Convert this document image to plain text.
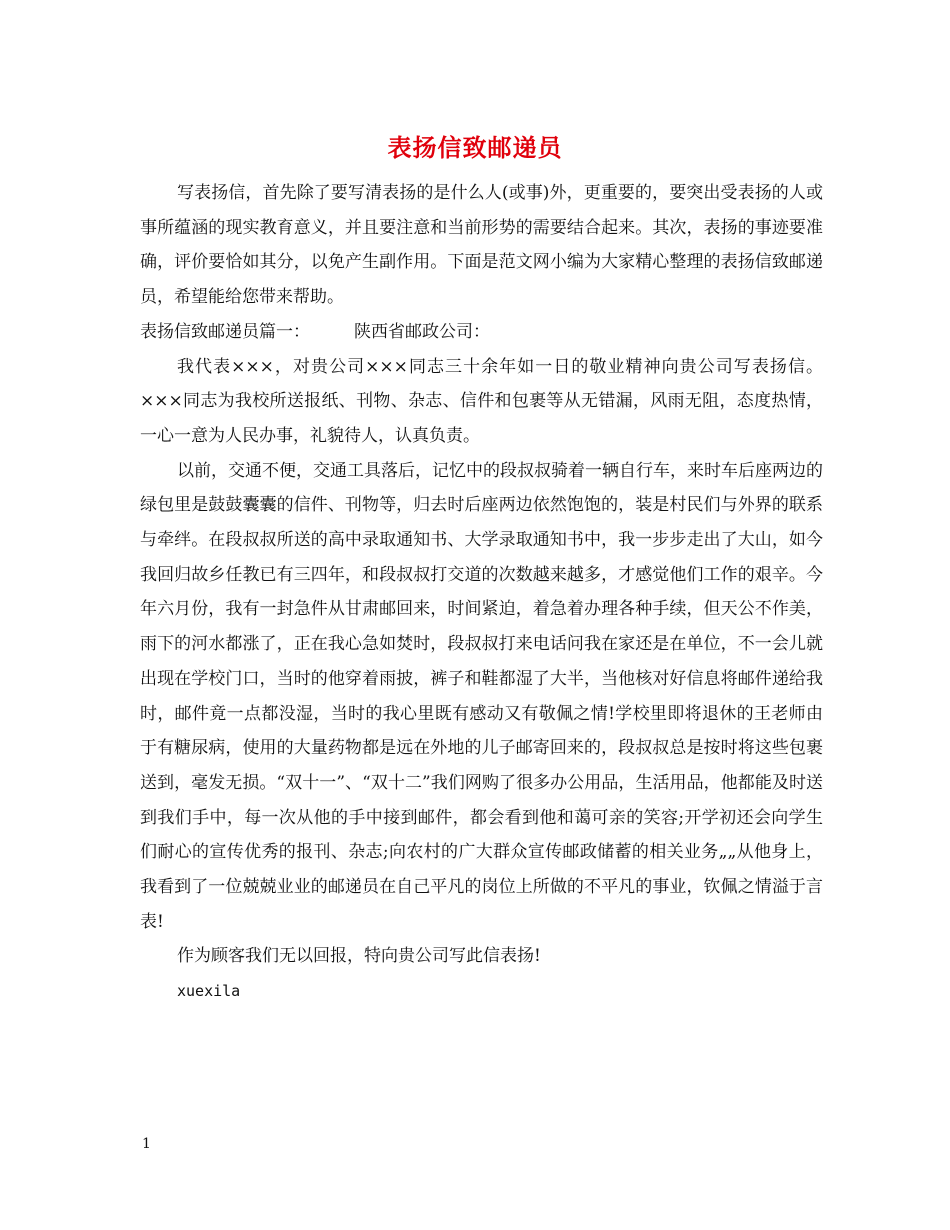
表扬信致邮递员

写表扬信，首先除了要写清表扬的是什么人(或事)外，更重要的，要突出受表扬的人或事所蕴涵的现实教育意义，并且要注意和当前形势的需要结合起来。其次，表扬的事迹要准确，评价要恰如其分，以免产生副作用。下面是范文网小编为大家精心整理的表扬信致邮递员，希望能给您带来帮助。

表扬信致邮递员篇一：	陕西省邮政公司：

我代表×××，对贵公司×××同志三十余年如一日的敬业精神向贵公司写表扬信。×××同志为我校所送报纸、刊物、杂志、信件和包裹等从无错漏，风雨无阻，态度热情，一心一意为人民办事，礼貌待人，认真负责。

以前，交通不便，交通工具落后，记忆中的段叔叔骑着一辆自行车，来时车后座两边的绿包里是鼓鼓囊囊的信件、刊物等，归去时后座两边依然饱饱的，装是村民们与外界的联系与牵绊。在段叔叔所送的高中录取通知书、大学录取通知书中，我一步步走出了大山，如今我回归故乡任教已有三四年，和段叔叔打交道的次数越来越多，才感觉他们工作的艰辛。今年六月份，我有一封急件从甘肃邮回来，时间紧迫，着急着办理各种手续，但天公不作美，雨下的河水都涨了，正在我心急如焚时，段叔叔打来电话问我在家还是在单位，不一会儿就出现在学校门口，当时的他穿着雨披，裤子和鞋都湿了大半，当他核对好信息将邮件递给我时，邮件竟一点都没湿，当时的我心里既有感动又有敬佩之情!学校里即将退休的王老师由于有糖尿病，使用的大量药物都是远在外地的儿子邮寄回来的，段叔叔总是按时将这些包裹送到，毫发无损。“双十一”、“双十二”我们网购了很多办公用品，生活用品，他都能及时送到我们手中，每一次从他的手中接到邮件，都会看到他和蔼可亲的笑容;开学初还会向学生们耐心的宣传优秀的报刊、杂志;向农村的广大群众宣传邮政储蓄的相关业务„„从他身上，我看到了一位兢兢业业的邮递员在自己平凡的岗位上所做的不平凡的事业，钦佩之情溢于言表!

作为顾客我们无以回报，特向贵公司写此信表扬!

xuexila

1
